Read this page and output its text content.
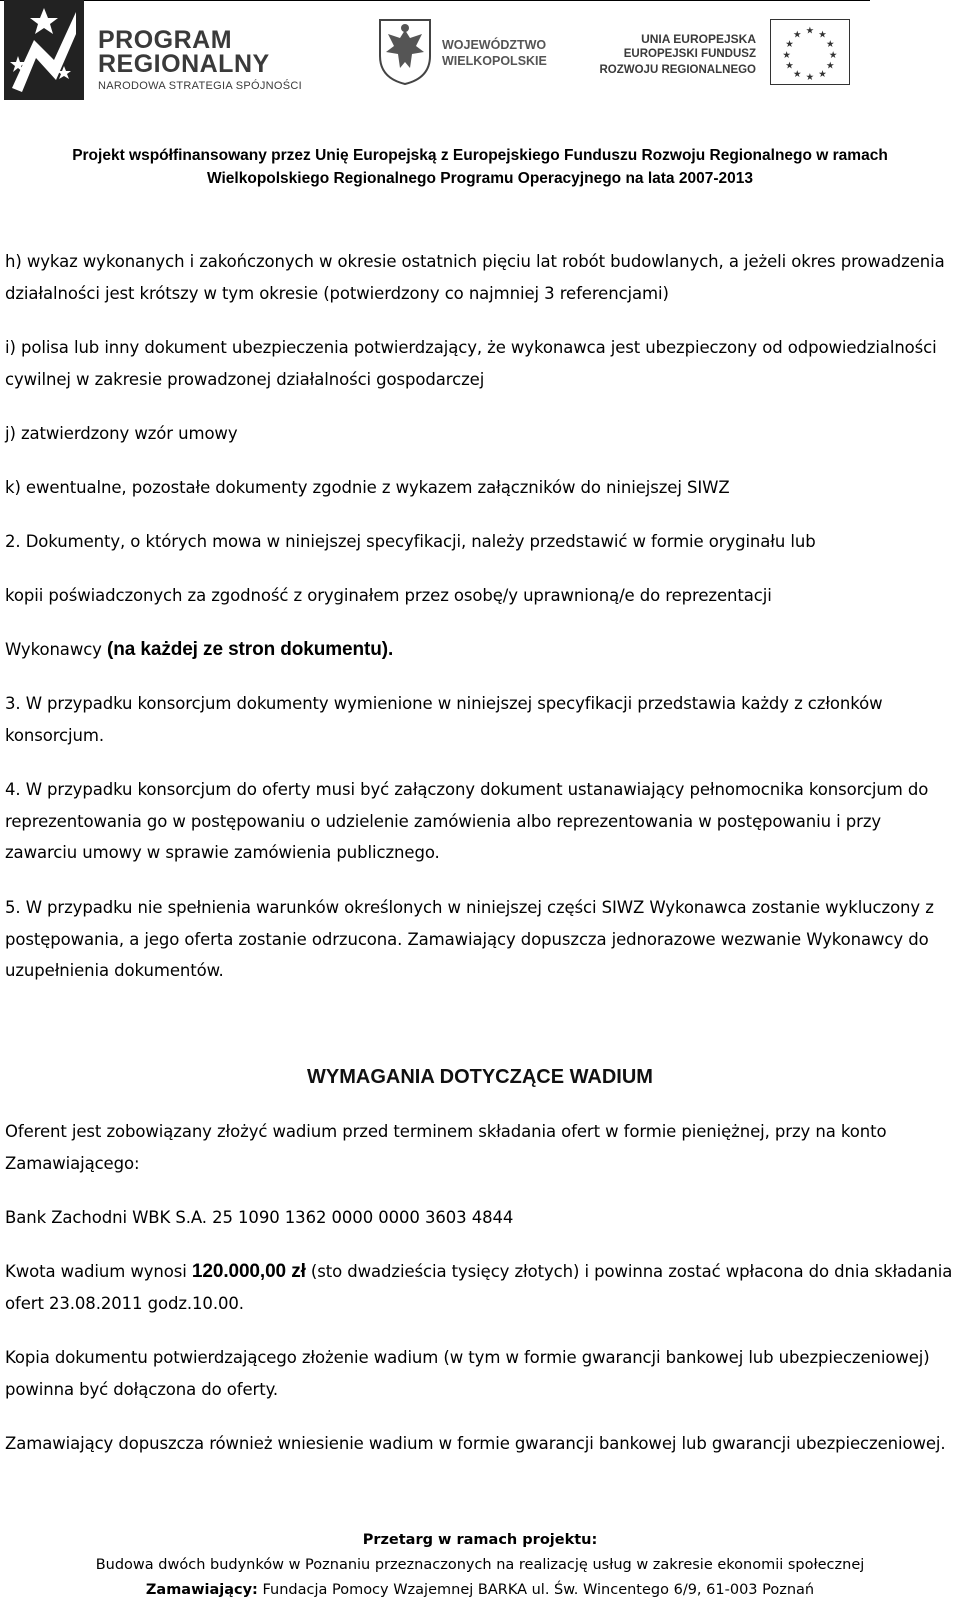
PROGRAM
REGIONALNY
NARODOWA STRATEGIA SPÓJNOŚCI
WOJEWÓDZTWO
WIELKOPOLSKIE
UNIA EUROPEJSKA
EUROPEJSKI FUNDUSZ
ROZWOJU REGIONALNEGO
★ ★
★
★
★
★
★
★
★
★
★
★
Projekt współfinansowany przez Unię Europejską z Europejskiego Funduszu Rozwoju Regionalnego w ramach
Wielkopolskiego Regionalnego Programu Operacyjnego na lata 2007-2013
h) wykaz wykonanych i zakończonych w okresie ostatnich pięciu lat robót budowlanych, a jeżeli okres prowadzenia działalności jest krótszy w tym okresie (potwierdzony co najmniej 3 referencjami)
i) polisa lub inny dokument ubezpieczenia potwierdzający, że wykonawca jest ubezpieczony od odpowiedzialności cywilnej w zakresie prowadzonej działalności gospodarczej
j) zatwierdzony wzór umowy
k) ewentualne, pozostałe dokumenty zgodnie z wykazem załączników do niniejszej SIWZ
2. Dokumenty, o których mowa w niniejszej specyfikacji, należy przedstawić w formie oryginału lub
kopii poświadczonych za zgodność z oryginałem przez osobę/y uprawnioną/e do reprezentacji
Wykonawcy (na każdej ze stron dokumentu).
3. W przypadku konsorcjum dokumenty wymienione w niniejszej specyfikacji przedstawia każdy z członków konsorcjum.
4. W przypadku konsorcjum do oferty musi być załączony dokument ustanawiający pełnomocnika konsorcjum do reprezentowania go w postępowaniu o udzielenie zamówienia albo reprezentowania w postępowaniu i przy zawarciu umowy w sprawie zamówienia publicznego.
5. W przypadku nie spełnienia warunków określonych w niniejszej części SIWZ Wykonawca zostanie wykluczony z postępowania, a jego oferta zostanie odrzucona. Zamawiający dopuszcza jednorazowe wezwanie Wykonawcy do uzupełnienia dokumentów.
WYMAGANIA DOTYCZĄCE WADIUM
Oferent jest zobowiązany złożyć wadium przed terminem składania ofert w formie pieniężnej, przy na konto Zamawiającego:
Bank Zachodni WBK S.A. 25 1090 1362 0000 0000 3603 4844
Kwota wadium wynosi 120.000,00 zł (sto dwadzieścia tysięcy złotych) i powinna zostać wpłacona do dnia składania ofert 23.08.2011 godz.10.00.
Kopia dokumentu potwierdzającego złożenie wadium (w tym w formie gwarancji bankowej lub ubezpieczeniowej) powinna być dołączona do oferty.
Zamawiający dopuszcza również wniesienie wadium w formie gwarancji bankowej lub gwarancji ubezpieczeniowej.
Przetarg w ramach projektu:
Budowa dwóch budynków w Poznaniu przeznaczonych na realizację usług w zakresie ekonomii społecznej
Zamawiający: Fundacja Pomocy Wzajemnej BARKA ul. Św. Wincentego 6/9, 61-003 Poznań
